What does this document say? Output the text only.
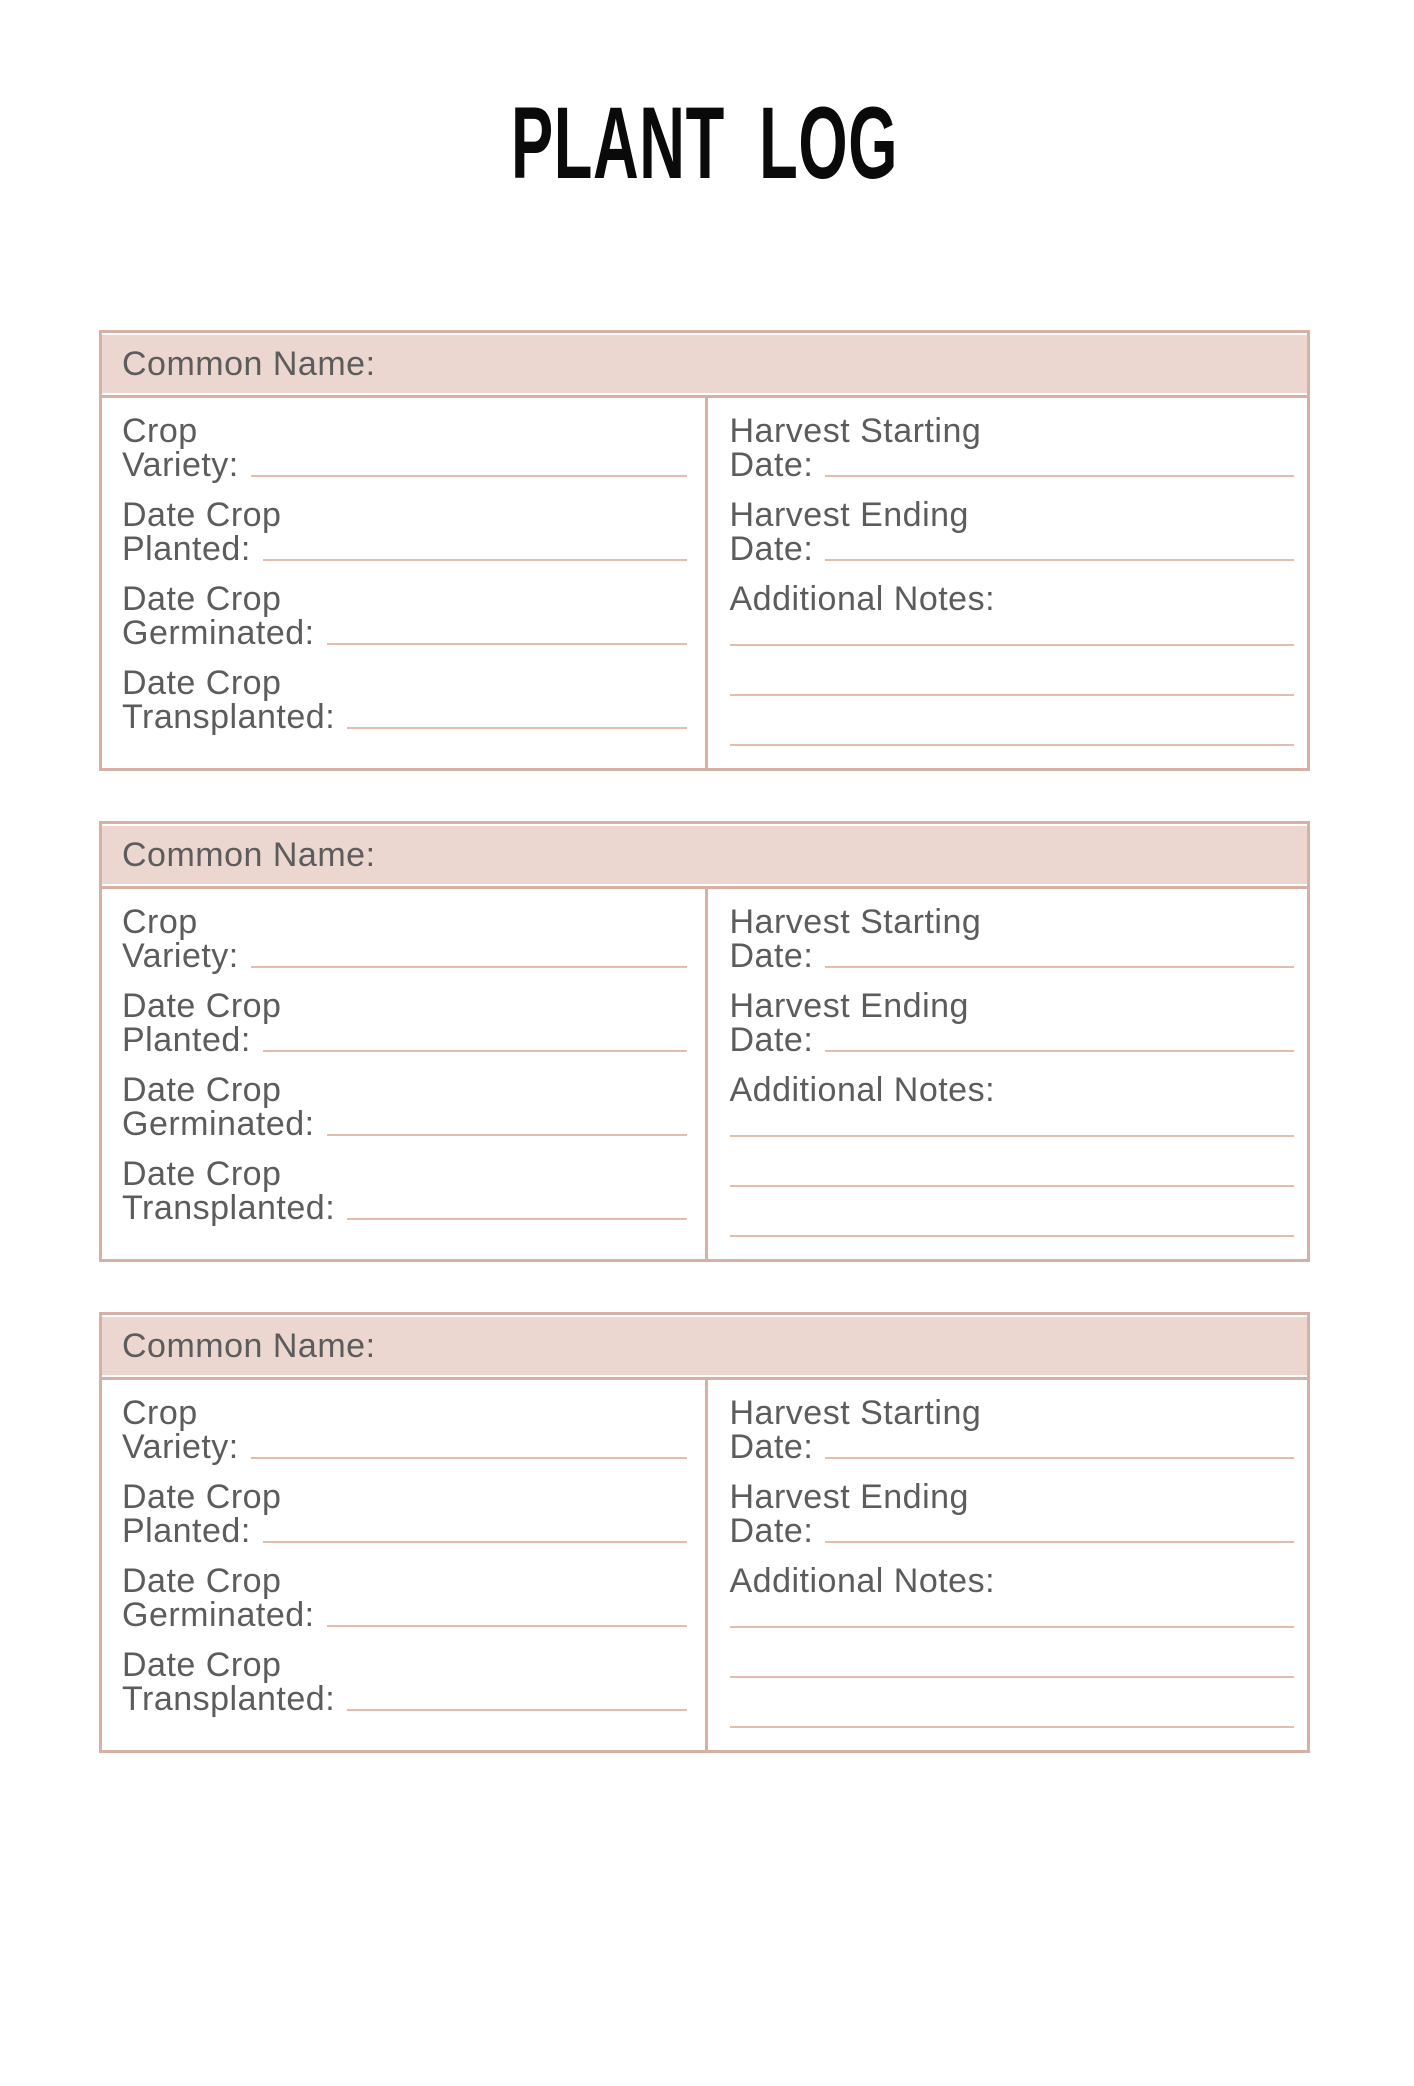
PLANT LOG
Common Name:
Crop
Variety:
Date Crop
Planted:
Date Crop
Germinated:
Date Crop
Transplanted:
Harvest Starting
Date:
Harvest Ending
Date:
Additional Notes:
Common Name:
Crop
Variety:
Date Crop
Planted:
Date Crop
Germinated:
Date Crop
Transplanted:
Harvest Starting
Date:
Harvest Ending
Date:
Additional Notes:
Common Name:
Crop
Variety:
Date Crop
Planted:
Date Crop
Germinated:
Date Crop
Transplanted:
Harvest Starting
Date:
Harvest Ending
Date:
Additional Notes:
